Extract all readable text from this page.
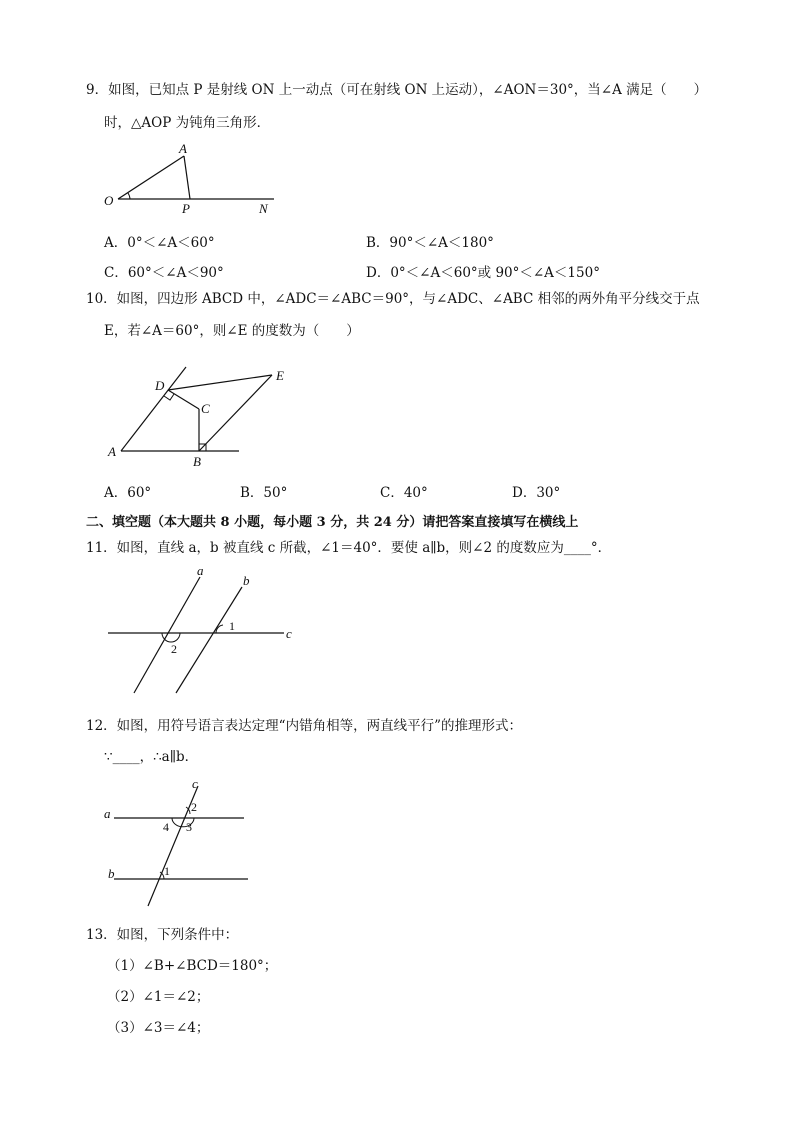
9．如图，已知点 P 是射线 ON 上一动点（可在射线 ON 上运动），∠AON＝30°，当∠A 满足（　　）
时，△AOP 为钝角三角形．
A
O
P	N
A．0°＜∠A＜60°	B．90°＜∠A＜180°
C．60°＜∠A＜90°	D．0°＜∠A＜60°或 90°＜∠A＜150°
10．如图，四边形 ABCD 中，∠ADC＝∠ABC＝90°，与∠ADC、∠ABC 相邻的两外角平分线交于点
E，若∠A＝60°，则∠E 的度数为（　　）
A
B
C
D
E
A．60°	B．50°	C．40°	D．30°
二、填空题（本大题共 8 小题，每小题 3 分，共 24 分）请把答案直接填写在横线上
11．如图，直线 a，b 被直线 c 所截，∠1＝40°．要使 a∥b，则∠2 的度数应为____°．
a
b
c
1
2
12．如图，用符号语言表达定理“内错角相等，两直线平行”的推理形式：
∵____，∴a∥b．
c
a
b
2
3
4
1
13．如图，下列条件中：
（1）∠B+∠BCD＝180°；
（2）∠1＝∠2；
（3）∠3＝∠4；
